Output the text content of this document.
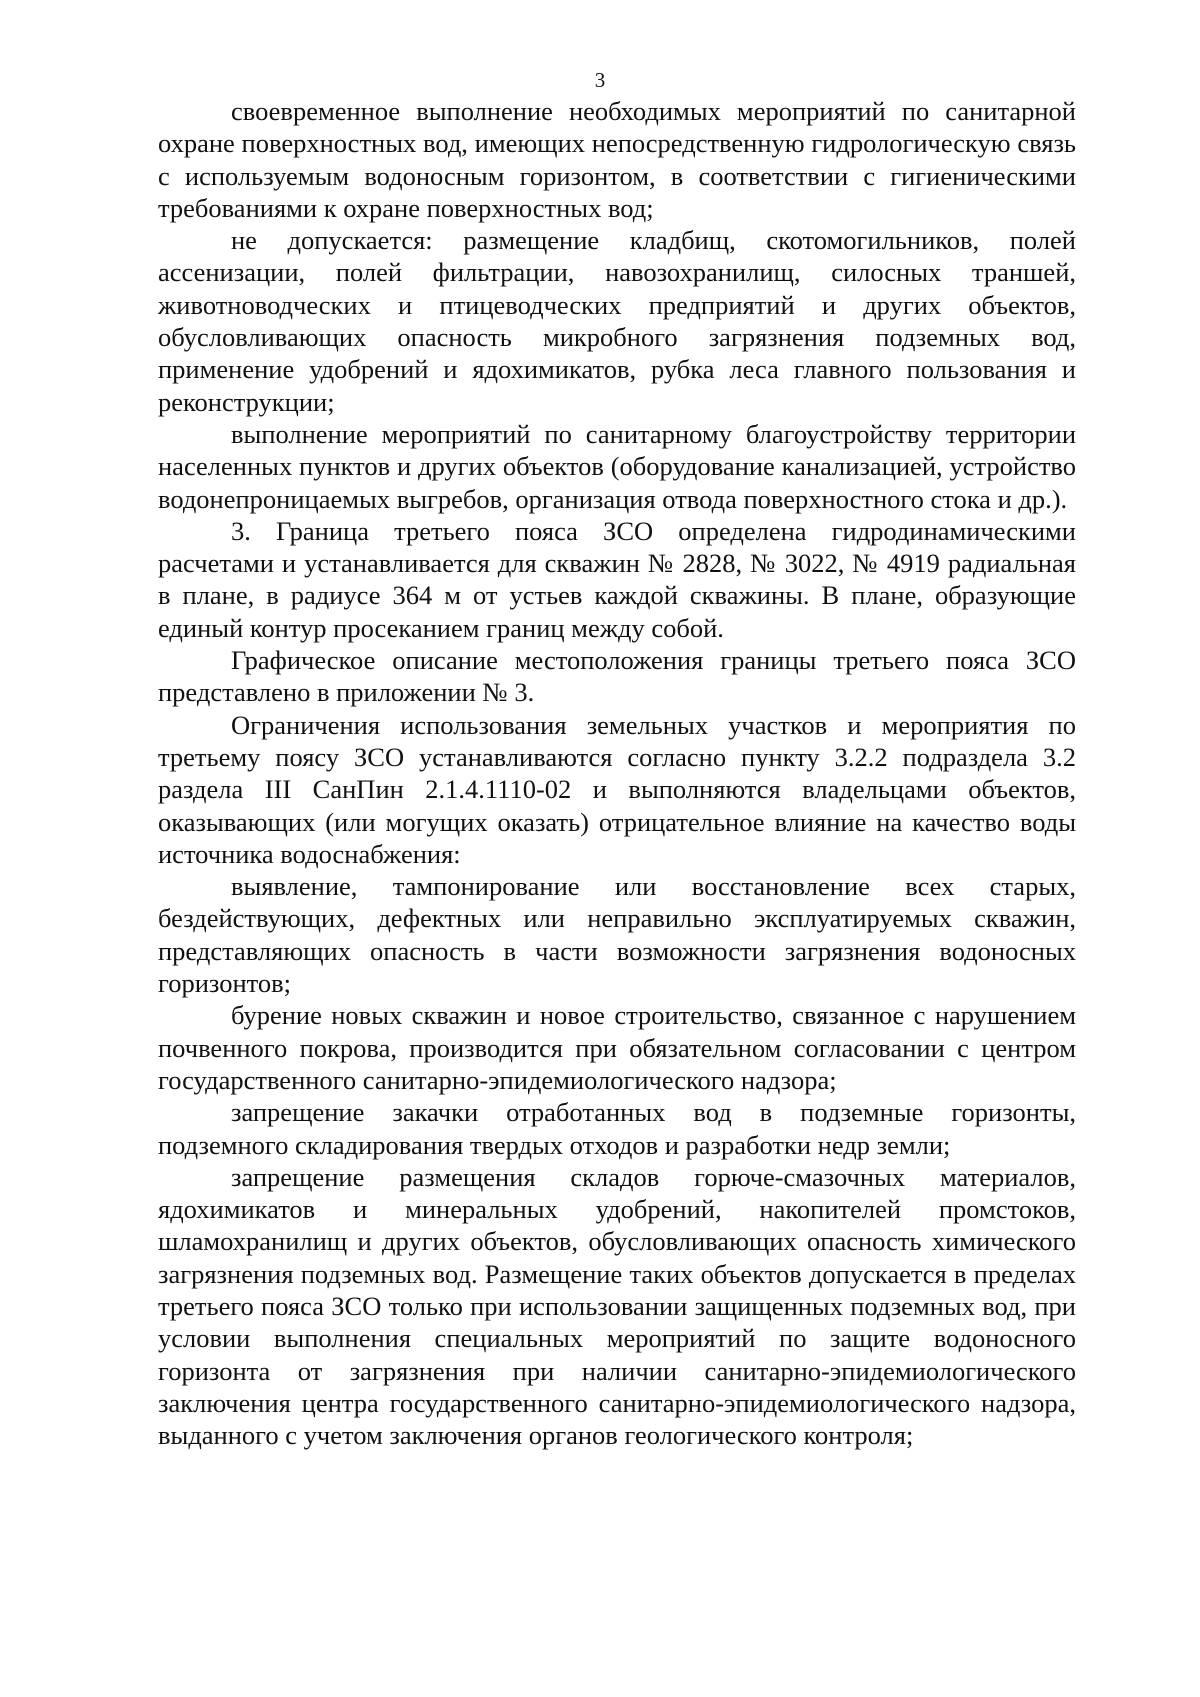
3

своевременное выполнение необходимых мероприятий по санитарной охране поверхностных вод, имеющих непосредственную гидрологическую связь с используемым водоносным горизонтом, в соответствии с гигиеническими требованиями к охране поверхностных вод;

не допускается: размещение кладбищ, скотомогильников, полей ассенизации, полей фильтрации, навозохранилищ, силосных траншей, животноводческих и птицеводческих предприятий и других объектов, обусловливающих опасность микробного загрязнения подземных вод, применение удобрений и ядохимикатов, рубка леса главного пользования и реконструкции;

выполнение мероприятий по санитарному благоустройству территории населенных пунктов и других объектов (оборудование канализацией, устройство водонепроницаемых выгребов, организация отвода поверхностного стока и др.).

3. Граница третьего пояса ЗСО определена гидродинамическими расчетами и устанавливается для скважин № 2828, № 3022, № 4919 радиальная в плане, в радиусе 364 м от устьев каждой скважины. В плане, образующие единый контур просеканием границ между собой.

Графическое описание местоположения границы третьего пояса ЗСО представлено в приложении № 3.

Ограничения использования земельных участков и мероприятия по третьему поясу ЗСО устанавливаются согласно пункту 3.2.2 подраздела 3.2 раздела III СанПин 2.1.4.1110-02 и выполняются владельцами объектов, оказывающих (или могущих оказать) отрицательное влияние на качество воды источника водоснабжения:

выявление, тампонирование или восстановление всех старых, бездействующих, дефектных или неправильно эксплуатируемых скважин, представляющих опасность в части возможности загрязнения водоносных горизонтов;

бурение новых скважин и новое строительство, связанное с нарушением почвенного покрова, производится при обязательном согласовании с центром государственного санитарно-эпидемиологического надзора;

запрещение закачки отработанных вод в подземные горизонты, подземного складирования твердых отходов и разработки недр земли;

запрещение размещения складов горюче-смазочных материалов, ядохимикатов и минеральных удобрений, накопителей промстоков, шламохранилищ и других объектов, обусловливающих опасность химического загрязнения подземных вод. Размещение таких объектов допускается в пределах третьего пояса ЗСО только при использовании защищенных подземных вод, при условии выполнения специальных мероприятий по защите водоносного горизонта от загрязнения при наличии санитарно-эпидемиологического заключения центра государственного санитарно-эпидемиологического надзора, выданного с учетом заключения органов геологического контроля;
